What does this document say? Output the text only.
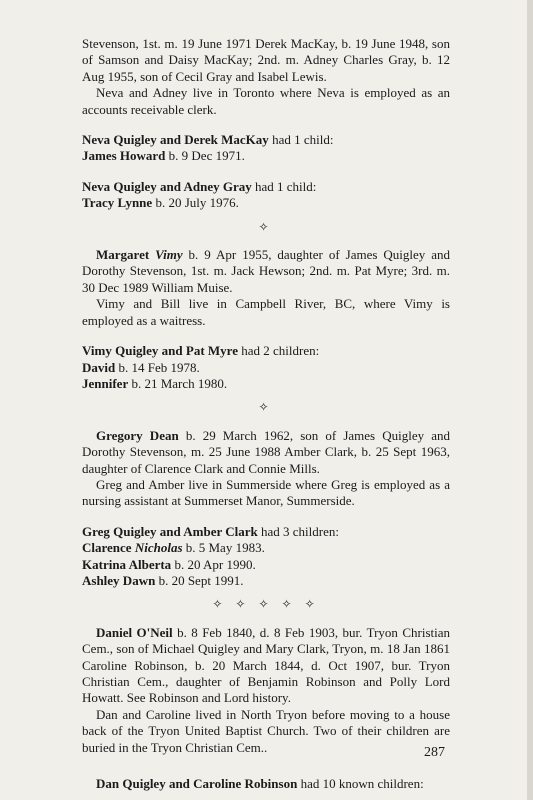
Stevenson, 1st. m. 19 June 1971 Derek MacKay, b. 19 June 1948, son of Samson and Daisy MacKay; 2nd. m. Adney Charles Gray, b. 12 Aug 1955, son of Cecil Gray and Isabel Lewis.

Neva and Adney live in Toronto where Neva is employed as an accounts receivable clerk.

Neva Quigley and Derek MacKay had 1 child:

James Howard b. 9 Dec 1971.

Neva Quigley and Adney Gray had 1 child:

Tracy Lynne b. 20 July 1976.

✧

Margaret Vimy b. 9 Apr 1955, daughter of James Quigley and Dorothy Stevenson, 1st. m. Jack Hewson; 2nd. m. Pat Myre; 3rd. m. 30 Dec 1989 William Muise.

Vimy and Bill live in Campbell River, BC, where Vimy is employed as a waitress.

Vimy Quigley and Pat Myre had 2 children:

David b. 14 Feb 1978.

Jennifer b. 21 March 1980.

✧

Gregory Dean b. 29 March 1962, son of James Quigley and Dorothy Stevenson, m. 25 June 1988 Amber Clark, b. 25 Sept 1963, daughter of Clarence Clark and Connie Mills.

Greg and Amber live in Summerside where Greg is employed as a nursing assistant at Summerset Manor, Summerside.

Greg Quigley and Amber Clark had 3 children:

Clarence Nicholas b. 5 May 1983.

Katrina Alberta b. 20 Apr 1990.

Ashley Dawn b. 20 Sept 1991.

✧ ✧ ✧ ✧ ✧

Daniel O'Neil b. 8 Feb 1840, d. 8 Feb 1903, bur. Tryon Christian Cem., son of Michael Quigley and Mary Clark, Tryon, m. 18 Jan 1861 Caroline Robinson, b. 20 March 1844, d. Oct 1907, bur. Tryon Christian Cem., daughter of Benjamin Robinson and Polly Lord Howatt. See Robinson and Lord history.

Dan and Caroline lived in North Tryon before moving to a house back of the Tryon United Baptist Church. Two of their children are buried in the Tryon Christian Cem..

Dan Quigley and Caroline Robinson had 10 known children:

287
